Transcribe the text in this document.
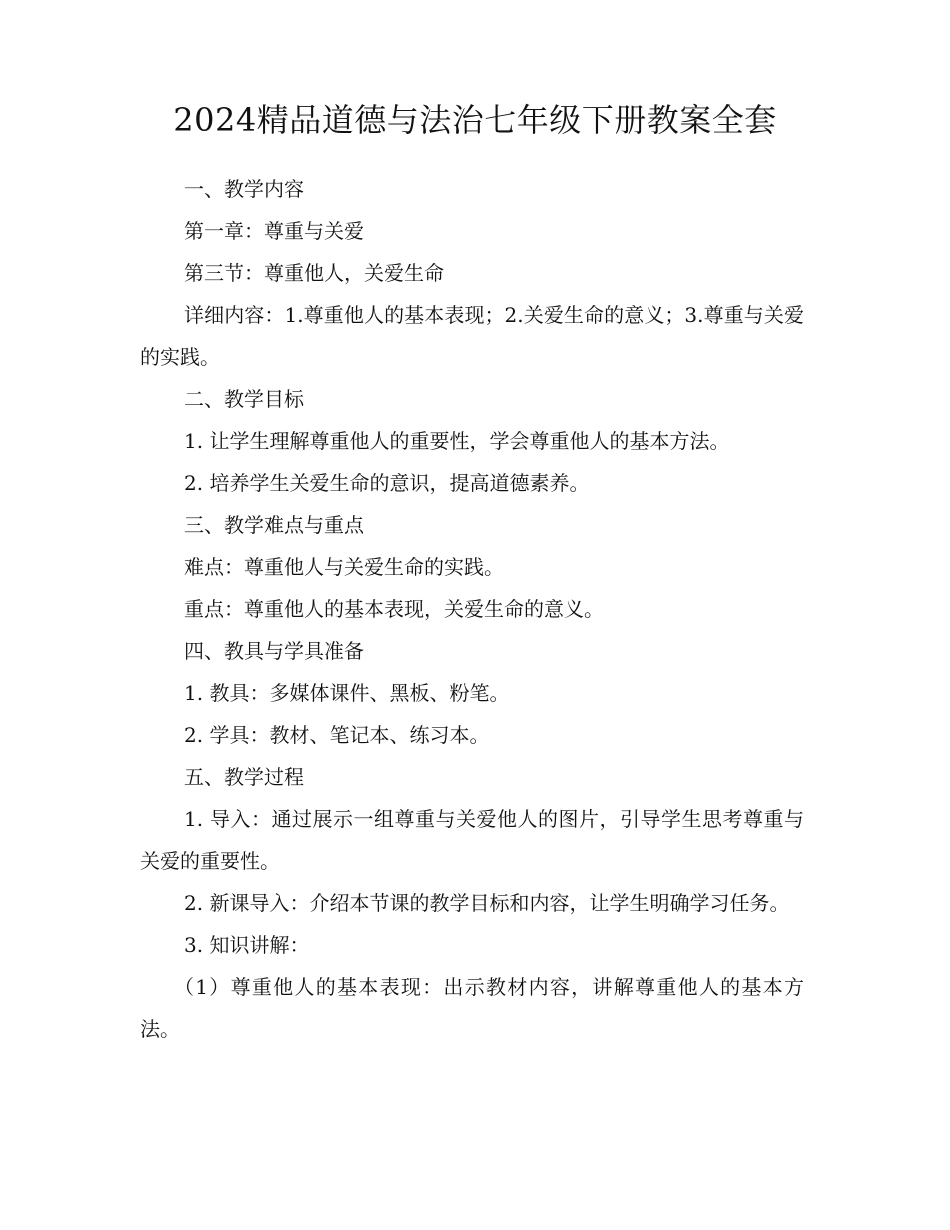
2024精品道德与法治七年级下册教案全套

一、教学内容

第一章：尊重与关爱

第三节：尊重他人，关爱生命

详细内容：1.尊重他人的基本表现；2.关爱生命的意义；3.尊重与关爱的实践。

二、教学目标

1. 让学生理解尊重他人的重要性，学会尊重他人的基本方法。

2. 培养学生关爱生命的意识，提高道德素养。

三、教学难点与重点

难点：尊重他人与关爱生命的实践。

重点：尊重他人的基本表现，关爱生命的意义。

四、教具与学具准备

1. 教具：多媒体课件、黑板、粉笔。

2. 学具：教材、笔记本、练习本。

五、教学过程

1. 导入：通过展示一组尊重与关爱他人的图片，引导学生思考尊重与关爱的重要性。

2. 新课导入：介绍本节课的教学目标和内容，让学生明确学习任务。

3. 知识讲解：

（1）尊重他人的基本表现：出示教材内容，讲解尊重他人的基本方法。
